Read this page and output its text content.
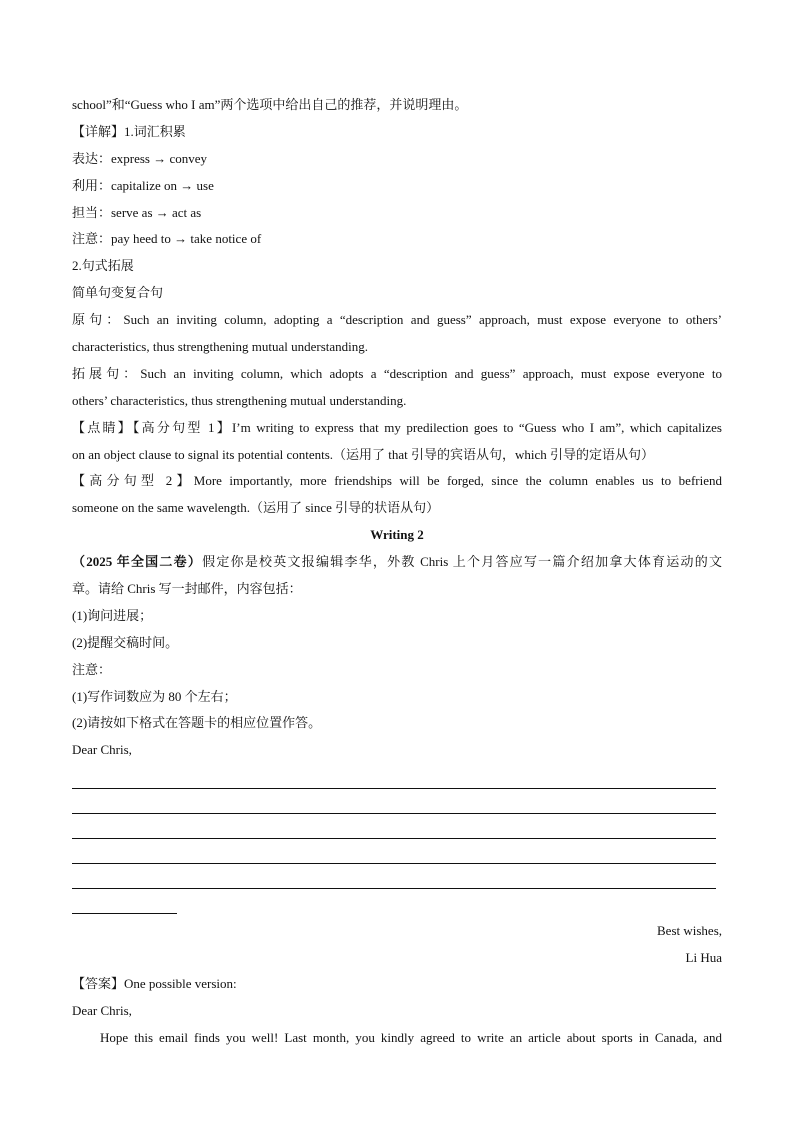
school”和“Guess who I am”两个选项中给出自己的推荐，并说明理由。
【详解】1.词汇积累
表达：express → convey
利用：capitalize on → use
担当：serve as → act as
注意：pay heed to → take notice of
2.句式拓展
简单句变复合句
原句：Such an inviting column, adopting a “description and guess” approach, must expose everyone to others’
characteristics, thus strengthening mutual understanding.
拓展句：Such an inviting column, which adopts a “description and guess” approach, must expose everyone to
others’ characteristics, thus strengthening mutual understanding.
【点睛】【高分句型 1】I’m writing to express that my predilection goes to “Guess who I am”, which capitalizes
on an object clause to signal its potential contents.（运用了 that 引导的宾语从句，which 引导的定语从句）
【高分句型 2】More importantly, more friendships will be forged, since the column enables us to befriend
someone on the same wavelength.（运用了 since 引导的状语从句）
Writing 2
（2025 年全国二卷）假定你是校英文报编辑李华，外教 Chris 上个月答应写一篇介绍加拿大体育运动的文
章。请给 Chris 写一封邮件，内容包括：
(1)询问进展；
(2)提醒交稿时间。
注意：
(1)写作词数应为 80 个左右；
(2)请按如下格式在答题卡的相应位置作答。
Dear Chris,
Best wishes,
Li Hua
【答案】One possible version:
Dear Chris,
Hope this email finds you well! Last month, you kindly agreed to write an article about sports in Canada, and
